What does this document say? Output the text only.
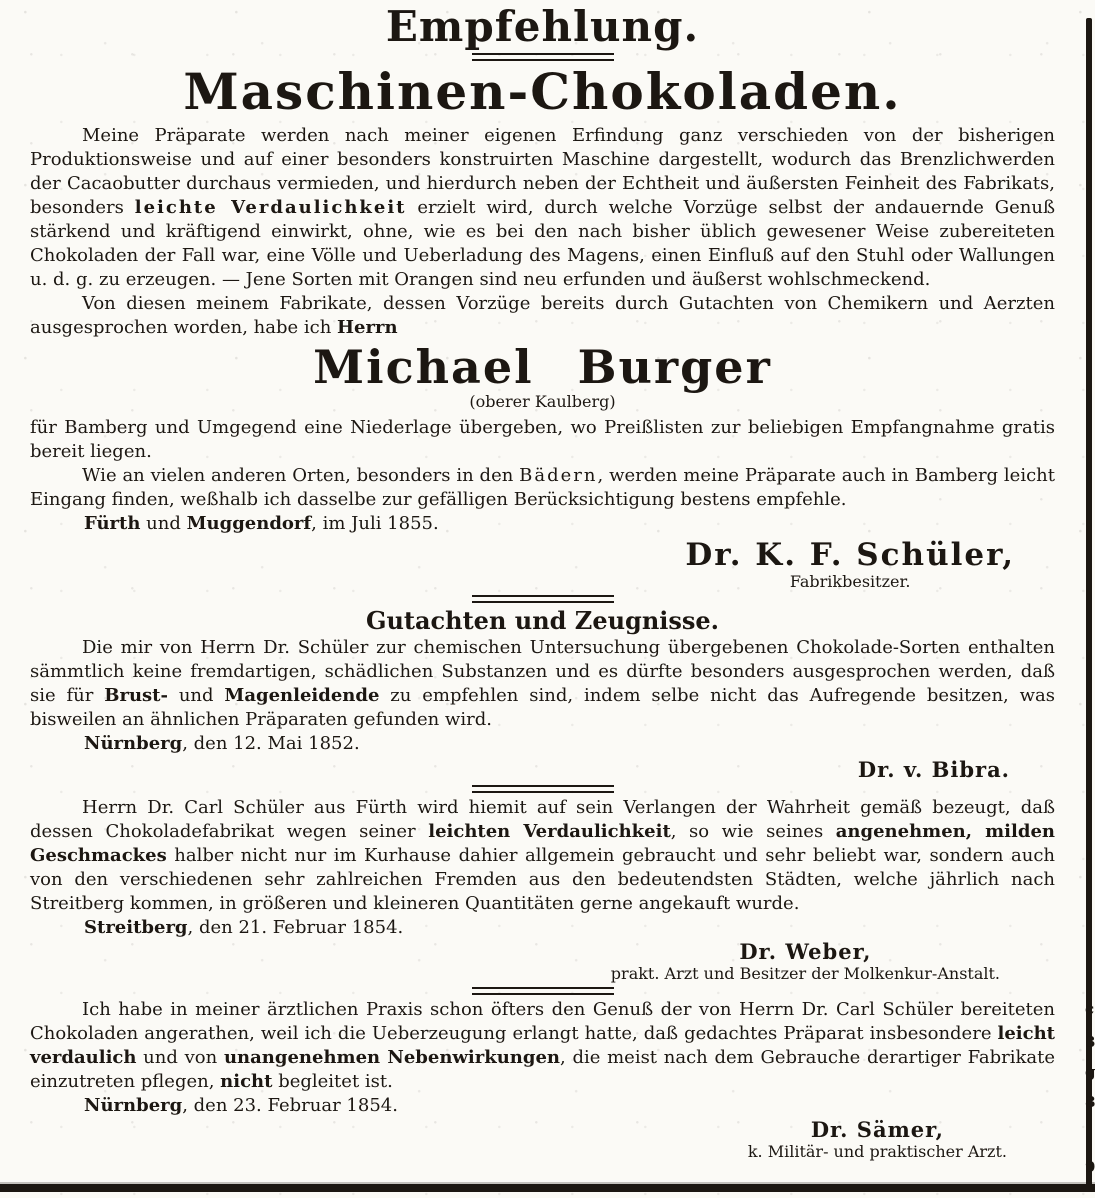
c
3
g
8
9
Empfehlung.
Maschinen-Chokoladen.

Meine Präparate werden nach meiner eigenen Erfindung ganz verschieden von der bisherigen Produktionsweise und auf einer besonders konstruirten Maschine dargestellt, wodurch das Brenzlichwerden der Cacaobutter durchaus vermieden, und hierdurch neben der Echtheit und äußersten Feinheit des Fabrikats, besonders leichte Verdaulichkeit erzielt wird, durch welche Vorzüge selbst der andauernde Genuß stärkend und kräftigend einwirkt, ohne, wie es bei den nach bisher üblich gewesener Weise zubereiteten Chokoladen der Fall war, eine Völle und Ueberladung des Magens, einen Einfluß auf den Stuhl oder Wallungen u. d. g. zu erzeugen. — Jene Sorten mit Orangen sind neu erfunden und äußerst wohlschmeckend.

Von diesen meinem Fabrikate, dessen Vorzüge bereits durch Gutachten von Chemikern und Aerzten ausgesprochen worden, habe ich Herrn

Michael Burger
(oberer Kaulberg)

für Bamberg und Umgegend eine Niederlage übergeben, wo Preißlisten zur beliebigen Empfangnahme gratis bereit liegen.

Wie an vielen anderen Orten, besonders in den Bädern, werden meine Präparate auch in Bamberg leicht Eingang finden, weßhalb ich dasselbe zur gefälligen Berücksichtigung bestens empfehle.

Fürth und Muggendorf, im Juli 1855.

Dr. K. F. Schüler,
Fabrikbesitzer.
Gutachten und Zeugnisse.

Die mir von Herrn Dr. Schüler zur chemischen Untersuchung übergebenen Chokolade-Sorten enthalten sämmtlich keine fremdartigen, schädlichen Substanzen und es dürfte besonders ausgesprochen werden, daß sie für Brust- und Magenleidende zu empfehlen sind, indem selbe nicht das Aufregende besitzen, was bisweilen an ähnlichen Präparaten gefunden wird.

Nürnberg, den 12. Mai 1852.

Dr. v. Bibra.

Herrn Dr. Carl Schüler aus Fürth wird hiemit auf sein Verlangen der Wahrheit gemäß bezeugt, daß dessen Chokoladefabrikat wegen seiner leichten Verdaulichkeit, so wie seines angenehmen, milden Geschmackes halber nicht nur im Kurhause dahier allgemein gebraucht und sehr beliebt war, sondern auch von den verschiedenen sehr zahlreichen Fremden aus den bedeutendsten Städten, welche jährlich nach Streitberg kommen, in größeren und kleineren Quantitäten gerne angekauft wurde.

Streitberg, den 21. Februar 1854.

Dr. Weber,
prakt. Arzt und Besitzer der Molkenkur-Anstalt.

Ich habe in meiner ärztlichen Praxis schon öfters den Genuß der von Herrn Dr. Carl Schüler bereiteten Chokoladen angerathen, weil ich die Ueberzeugung erlangt hatte, daß gedachtes Präparat insbesondere leicht verdaulich und von unangenehmen Nebenwirkungen, die meist nach dem Gebrauche derartiger Fabrikate einzutreten pflegen, nicht begleitet ist.

Nürnberg, den 23. Februar 1854.

Dr. Sämer,
k. Militär- und praktischer Arzt.
